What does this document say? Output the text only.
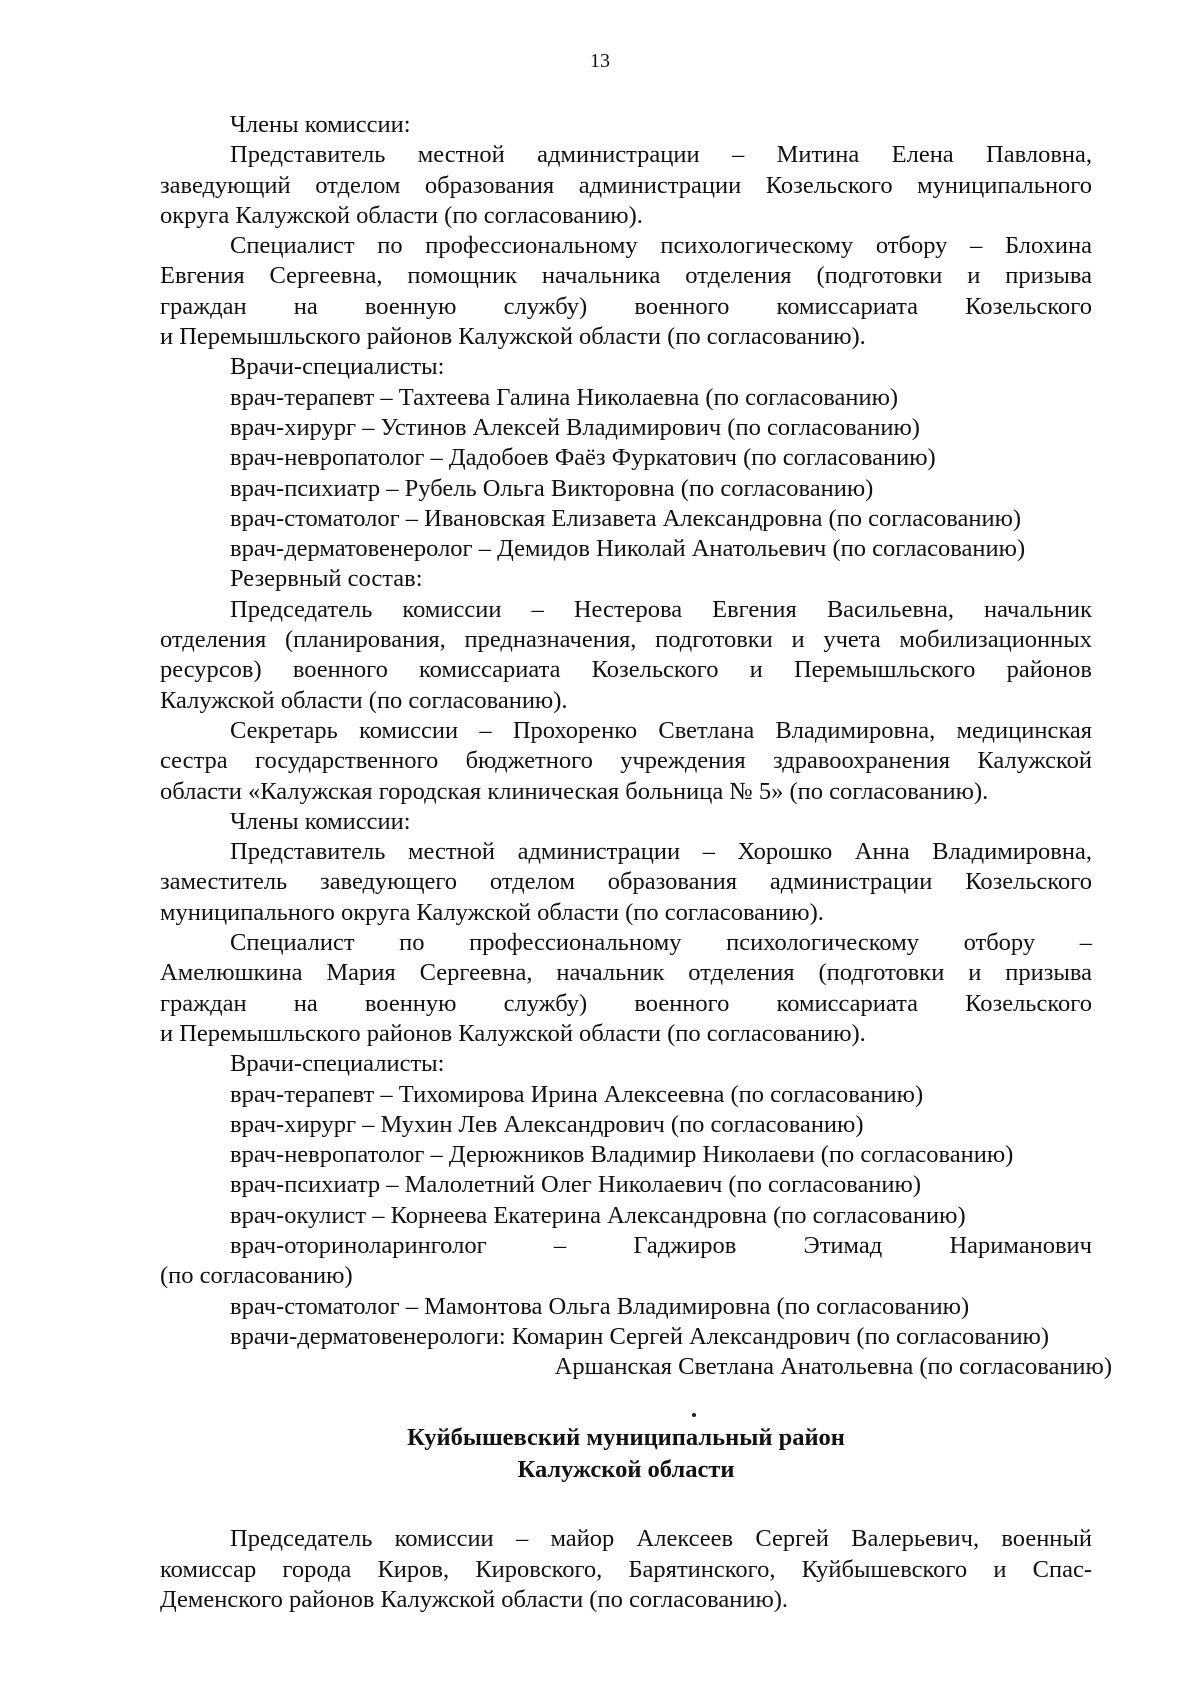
13
Члены комиссии:
Представитель местной администрации – Митина Елена Павловна,
заведующий отделом образования администрации Козельского муниципального
округа Калужской области (по согласованию).
Специалист по профессиональному психологическому отбору – Блохина
Евгения Сергеевна, помощник начальника отделения (подготовки и призыва
граждан на военную службу) военного комиссариата Козельского
и Перемышльского районов Калужской области (по согласованию).
Врачи-специалисты:
врач-терапевт – Тахтеева Галина Николаевна (по согласованию)
врач-хирург – Устинов Алексей Владимирович (по согласованию)
врач-невропатолог – Дадобоев Фаёз Фуркатович (по согласованию)
врач-психиатр – Рубель Ольга Викторовна (по согласованию)
врач-стоматолог – Ивановская Елизавета Александровна (по согласованию)
врач-дерматовенеролог – Демидов Николай Анатольевич (по согласованию)
Резервный состав:
Председатель комиссии – Нестерова Евгения Васильевна, начальник
отделения (планирования, предназначения, подготовки и учета мобилизационных
ресурсов) военного комиссариата Козельского и Перемышльского районов
Калужской области (по согласованию).
Секретарь комиссии – Прохоренко Светлана Владимировна, медицинская
сестра государственного бюджетного учреждения здравоохранения Калужской
области «Калужская городская клиническая больница № 5» (по согласованию).
Члены комиссии:
Представитель местной администрации – Хорошко Анна Владимировна,
заместитель заведующего отделом образования администрации Козельского
муниципального округа Калужской области (по согласованию).
Специалист по профессиональному психологическому отбору –
Амелюшкина Мария Сергеевна, начальник отделения (подготовки и призыва
граждан на военную службу) военного комиссариата Козельского
и Перемышльского районов Калужской области (по согласованию).
Врачи-специалисты:
врач-терапевт – Тихомирова Ирина Алексеевна (по согласованию)
врач-хирург – Мухин Лев Александрович (по согласованию)
врач-невропатолог – Дерюжников Владимир Николаеви (по согласованию)
врач-психиатр – Малолетний Олег Николаевич (по согласованию)
врач-окулист – Корнеева Екатерина Александровна (по согласованию)
врач-оториноларинголог	–	Гаджиров	Этимад	Нариманович
(по согласованию)
врач-стоматолог – Мамонтова Ольга Владимировна (по согласованию)
врачи-дерматовенерологи: Комарин Сергей Александрович (по согласованию)
Аршанская Светлана Анатольевна (по согласованию)
Куйбышевский муниципальный район
Калужской области
Председатель комиссии – майор Алексеев Сергей Валерьевич, военный
комиссар города Киров, Кировского, Барятинского, Куйбышевского и Спас-
Деменского районов Калужской области (по согласованию).
